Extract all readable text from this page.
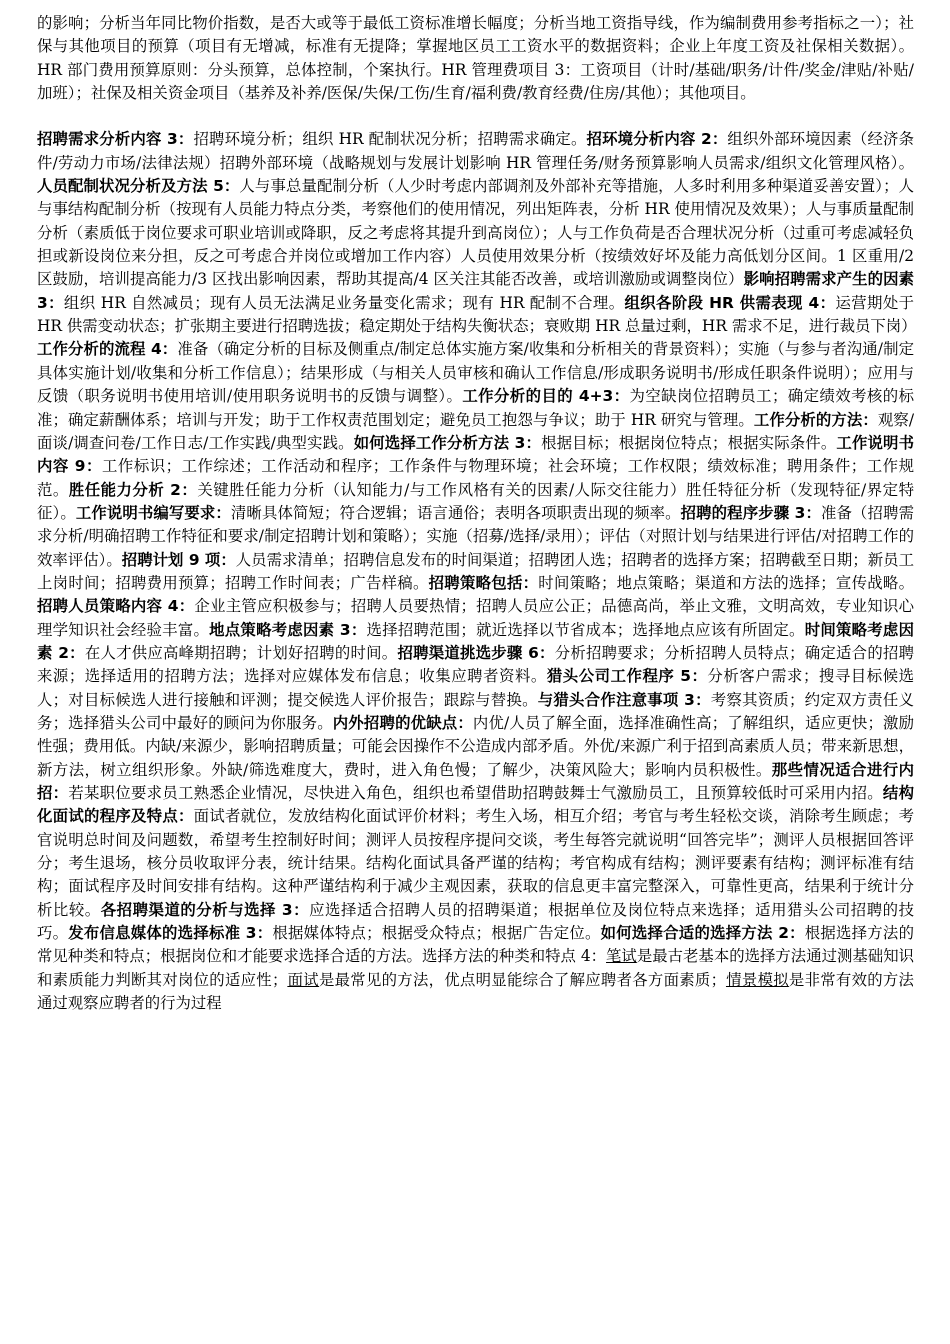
的影响；分析当年同比物价指数，是否大或等于最低工资标准增长幅度；分析当地工资指导线，作为编制费用参考指标之一）；社保与其他项目的预算（项目有无增减，标准有无提降；掌握地区员工工资水平的数据资料；企业上年度工资及社保相关数据）。HR 部门费用预算原则：分头预算，总体控制，个案执行。HR 管理费项目 3：工资项目（计时/基础/职务/计件/奖金/津贴/补贴/加班）；社保及相关资金项目（基养及补养/医保/失保/工伤/生育/福利费/教育经费/住房/其他）；其他项目。

招聘需求分析内容 3：招聘环境分析；组织 HR 配制状况分析；招聘需求确定。招环境分析内容 2：组织外部环境因素（经济条件/劳动力市场/法律法规）招聘外部环境（战略规划与发展计划影响 HR 管理任务/财务预算影响人员需求/组织文化管理风格）。人员配制状况分析及方法 5：人与事总量配制分析（人少时考虑内部调剂及外部补充等措施，人多时利用多种渠道妥善安置）；人与事结构配制分析（按现有人员能力特点分类，考察他们的使用情况，列出矩阵表，分析 HR 使用情况及效果）；人与事质量配制分析（素质低于岗位要求可职业培训或降职，反之考虑将其提升到高岗位）；人与工作负荷是否合理状况分析（过重可考虑减轻负担或新设岗位来分担，反之可考虑合并岗位或增加工作内容）人员使用效果分析（按绩效好坏及能力高低划分区间。1 区重用/2 区鼓励，培训提高能力/3 区找出影响因素，帮助其提高/4 区关注其能否改善，或培训激励或调整岗位）影响招聘需求产生的因素 3：组织 HR 自然减员；现有人员无法满足业务量变化需求；现有 HR 配制不合理。组织各阶段 HR 供需表现 4：运营期处于 HR 供需变动状态；扩张期主要进行招聘选拔；稳定期处于结构失衡状态；衰败期 HR 总量过剩，HR 需求不足，进行裁员下岗）工作分析的流程 4：准备（确定分析的目标及侧重点/制定总体实施方案/收集和分析相关的背景资料）；实施（与参与者沟通/制定具体实施计划/收集和分析工作信息）；结果形成（与相关人员审核和确认工作信息/形成职务说明书/形成任职条件说明）；应用与反馈（职务说明书使用培训/使用职务说明书的反馈与调整）。工作分析的目的 4+3：为空缺岗位招聘员工；确定绩效考核的标准；确定薪酬体系；培训与开发；助于工作权责范围划定；避免员工抱怨与争议；助于 HR 研究与管理。工作分析的方法：观察/面谈/调查问卷/工作日志/工作实践/典型实践。如何选择工作分析方法 3：根据目标；根据岗位特点；根据实际条件。工作说明书内容 9：工作标识；工作综述；工作活动和程序；工作条件与物理环境；社会环境；工作权限；绩效标准；聘用条件；工作规范。胜任能力分析 2：关键胜任能力分析（认知能力/与工作风格有关的因素/人际交往能力）胜任特征分析（发现特征/界定特征）。工作说明书编写要求：清晰具体简短；符合逻辑；语言通俗；表明各项职责出现的频率。招聘的程序步骤 3：准备（招聘需求分析/明确招聘工作特征和要求/制定招聘计划和策略）；实施（招募/选择/录用）；评估（对照计划与结果进行评估/对招聘工作的效率评估）。招聘计划 9 项：人员需求清单；招聘信息发布的时间渠道；招聘团人选；招聘者的选择方案；招聘截至日期；新员工上岗时间；招聘费用预算；招聘工作时间表；广告样稿。招聘策略包括：时间策略；地点策略；渠道和方法的选择；宣传战略。招聘人员策略内容 4：企业主管应积极参与；招聘人员要热情；招聘人员应公正；品德高尚，举止文雅，文明高效，专业知识心理学知识社会经验丰富。地点策略考虑因素 3：选择招聘范围；就近选择以节省成本；选择地点应该有所固定。时间策略考虑因素 2：在人才供应高峰期招聘；计划好招聘的时间。招聘渠道挑选步骤 6：分析招聘要求；分析招聘人员特点；确定适合的招聘来源；选择适用的招聘方法；选择对应媒体发布信息；收集应聘者资料。猎头公司工作程序 5：分析客户需求；搜寻目标候选人；对目标候选人进行接触和评测；提交候选人评价报告；跟踪与替换。与猎头合作注意事项 3：考察其资质；约定双方责任义务；选择猎头公司中最好的顾问为你服务。内外招聘的优缺点：内优/人员了解全面，选择准确性高；了解组织，适应更快；激励性强；费用低。内缺/来源少，影响招聘质量；可能会因操作不公造成内部矛盾。外优/来源广利于招到高素质人员；带来新思想，新方法，树立组织形象。外缺/筛选难度大，费时，进入角色慢；了解少，决策风险大；影响内员积极性。那些情况适合进行内招：若某职位要求员工熟悉企业情况，尽快进入角色，组织也希望借助招聘鼓舞士气激励员工，且预算较低时可采用内招。结构化面试的程序及特点：面试者就位，发放结构化面试评价材料；考生入场，相互介绍；考官与考生轻松交谈，消除考生顾虑；考官说明总时间及问题数，希望考生控制好时间；测评人员按程序提问交谈，考生每答完就说明“回答完毕”；测评人员根据回答评分；考生退场，核分员收取评分表，统计结果。结构化面试具备严谨的结构；考官构成有结构；测评要素有结构；测评标准有结构；面试程序及时间安排有结构。这种严谨结构利于减少主观因素，获取的信息更丰富完整深入，可靠性更高，结果利于统计分析比较。各招聘渠道的分析与选择 3：应选择适合招聘人员的招聘渠道；根据单位及岗位特点来选择；适用猎头公司招聘的技巧。发布信息媒体的选择标准 3：根据媒体特点；根据受众特点；根据广告定位。如何选择合适的选择方法 2：根据选择方法的常见种类和特点；根据岗位和才能要求选择合适的方法。选择方法的种类和特点 4：笔试是最古老基本的选择方法通过测基础知识和素质能力判断其对岗位的适应性；面试是最常见的方法，优点明显能综合了解应聘者各方面素质；情景模拟是非常有效的方法通过观察应聘者的行为过程
